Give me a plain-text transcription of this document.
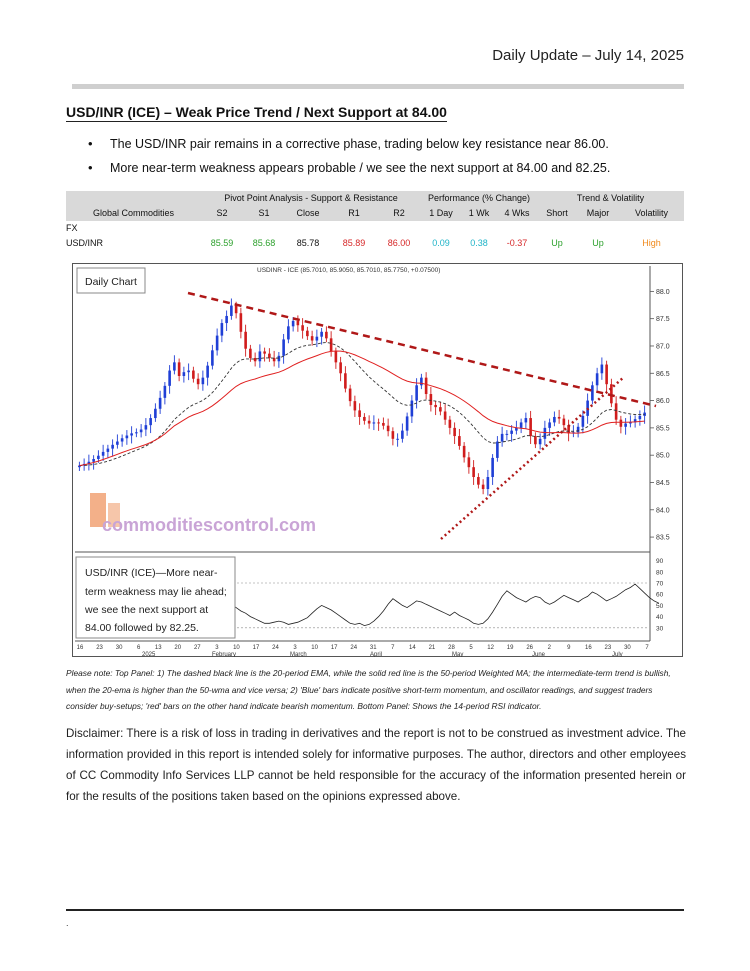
Daily Update – July 14, 2025
USD/INR (ICE) – Weak Price Trend / Next Support at 84.00
• The USD/INR pair remains in a corrective phase, trading below key resistance near 86.00.
• More near-term weakness appears probable / we see the next support at 84.00 and 82.25.
	Pivot Point Analysis - Support & Resistance					Performance (% Change)			Trend & Volatility		
Global Commodities	S2	S1	Close	R1	R2	1 Day	1 Wk	4 Wks	Short	Major	Volatility
FX											
USD/INR	85.59	85.68	85.78	85.89	86.00	0.09	0.38	-0.37	Up	Up	High
USDINR - ICE (85.7010, 85.9050, 85.7010, 85.7750, +0.07500)
commoditiescontrol.com
88.0
87.5
87.0
86.5
86.0
85.5
85.0
84.5
84.0
83.5
90
80
70
60
50
40
30
16 23 30 6 13 20 27 3 10 17 24 3 10 17 24 31 7 14 21 28 5 12 19 26 2	9 16 23 30 7
2025	February	March	April	May	June	July
Daily Chart
USD/INR (ICE)—More near-
term weakness may lie ahead;
we see the next support at
84.00 followed by 82.25.
Please note: Top Panel: 1) The dashed black line is the 20-period EMA, while the solid red line is the 50-period Weighted MA; the intermediate-term trend is bullish, when the 20-ema is higher than the 50-wma and vice versa; 2) 'Blue' bars indicate positive short-term momentum, and oscillator readings, and suggest traders consider buy-setups; 'red' bars on the other hand indicate bearish momentum. Bottom Panel: Shows the 14-period RSI indicator.
Disclaimer: There is a risk of loss in trading in derivatives and the report is not to be construed as investment advice. The information provided in this report is intended solely for informative purposes. The author, directors and other employees of CC Commodity Info Services LLP cannot be held responsible for the accuracy of the information presented herein or for the results of the positions taken based on the opinions expressed above.
.
